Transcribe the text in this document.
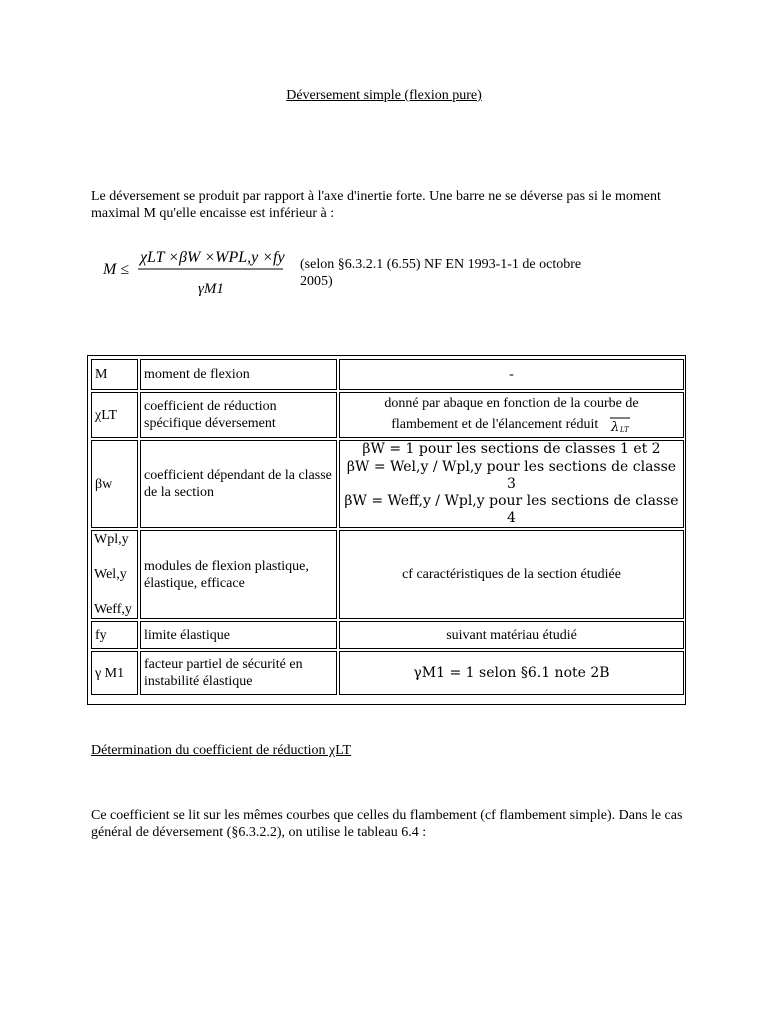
Déversement simple (flexion pure)
Le déversement se produit par rapport à l'axe d'inertie forte. Une barre ne se déverse pas si le moment maximal M qu'elle encaisse est inférieur à :
M ≤
χLT ×βW ×WPL,y ×fy
γM1
(selon §6.3.2.1 (6.55) NF EN 1993-1-1 de octobre 2005)
M	moment de flexion	-
χLT	coefficient de réduction spécifique déversement	donné par abaque en fonction de la courbe de
flambement et de l'élancement réduit λ LT

βw	coefficient dépendant de la classe de la section	βW = 1 pour les sections de classes 1 et 2
βW = Wel,y / Wpl,y pour les sections de classe 3
βW = Weff,y / Wpl,y pour les sections de classe 4

Wpl,y
Wel,y
Weff,y	modules de flexion plastique, élastique, efficace	cf caractéristiques de la section étudiée
fy	limite élastique	suivant matériau étudié
γ M1	facteur partiel de sécurité en instabilité élastique	γM1 = 1 selon §6.1 note 2B
Détermination du coefficient de réduction χLT
Ce coefficient se lit sur les mêmes courbes que celles du flambement (cf flambement simple). Dans le cas général de déversement (§6.3.2.2), on utilise le tableau 6.4 :
